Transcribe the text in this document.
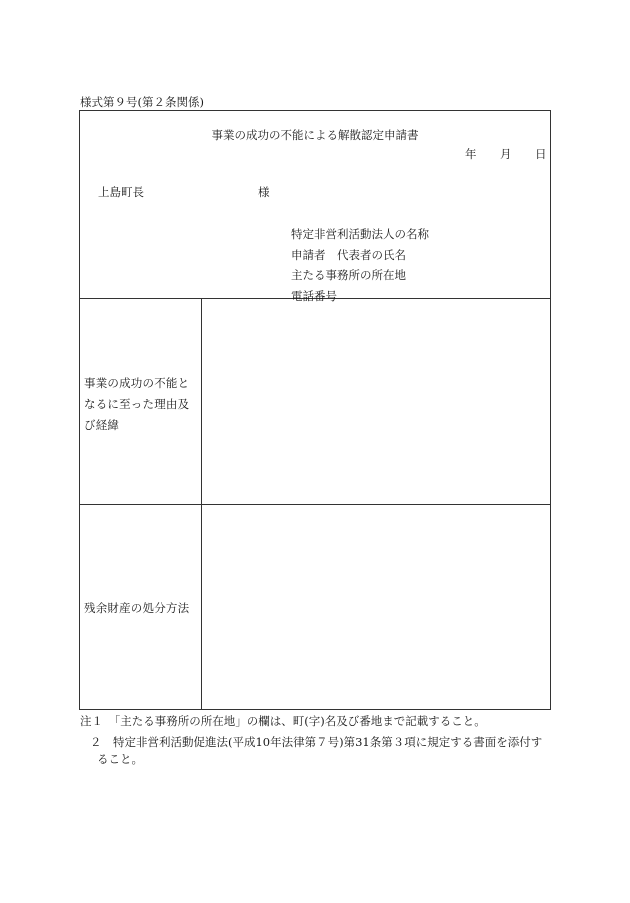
様式第９号(第２条関係)
事業の成功の不能による解散認定申請書
年 月 日
上島町長	様
特定非営利活動法人の名称
申請者　代表者の氏名
主たる事務所の所在地
電話番号
事業の成功の不能となるに至った理由及び経緯
残余財産の処分方法
注１　「主たる事務所の所在地」の欄は、町(字)名及び番地まで記載すること。
２　特定非営利活動促進法(平成10年法律第７号)第31条第３項に規定する書面を添付す
ること。
